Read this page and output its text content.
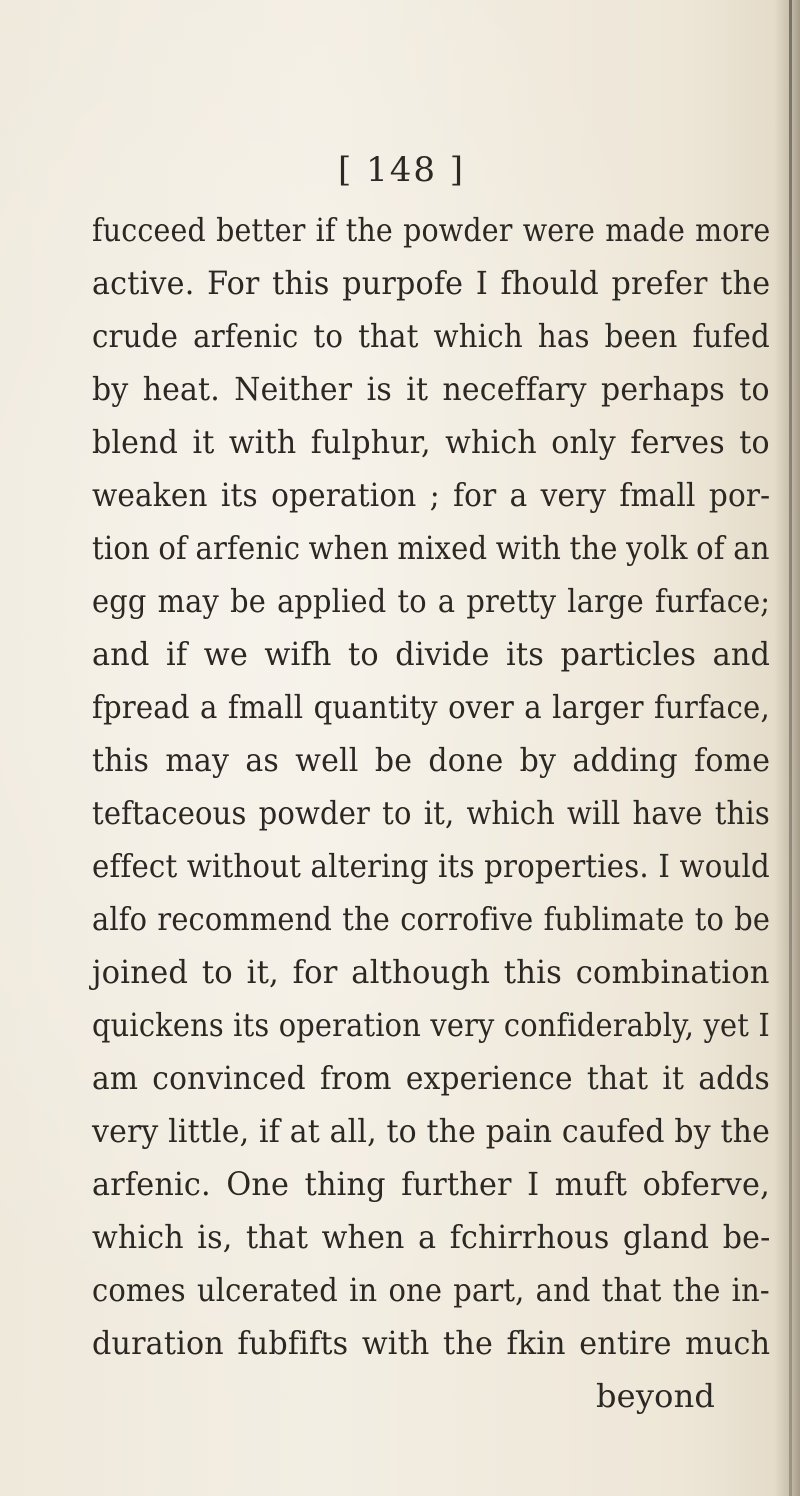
[ 148 ]
fucceed better if the powder were made more
active. For this purpofe I fhould prefer the
crude arfenic to that which has been fufed
by heat. Neither is it neceffary perhaps to
blend it with fulphur, which only ferves to
weaken its operation ; for a very fmall por-
tion of arfenic when mixed with the yolk of an
egg may be applied to a pretty large furface;
and if we wifh to divide its particles and
fpread a fmall quantity over a larger furface,
this may as well be done by adding fome
teftaceous powder to it, which will have this
effect without altering its properties. I would
alfo recommend the corrofive fublimate to be
joined to it, for although this combination
quickens its operation very confiderably, yet I
am convinced from experience that it adds
very little, if at all, to the pain caufed by the
arfenic. One thing further I muft obferve,
which is, that when a fchirrhous gland be-
comes ulcerated in one part, and that the in-
duration fubfifts with the fkin entire much
beyond
